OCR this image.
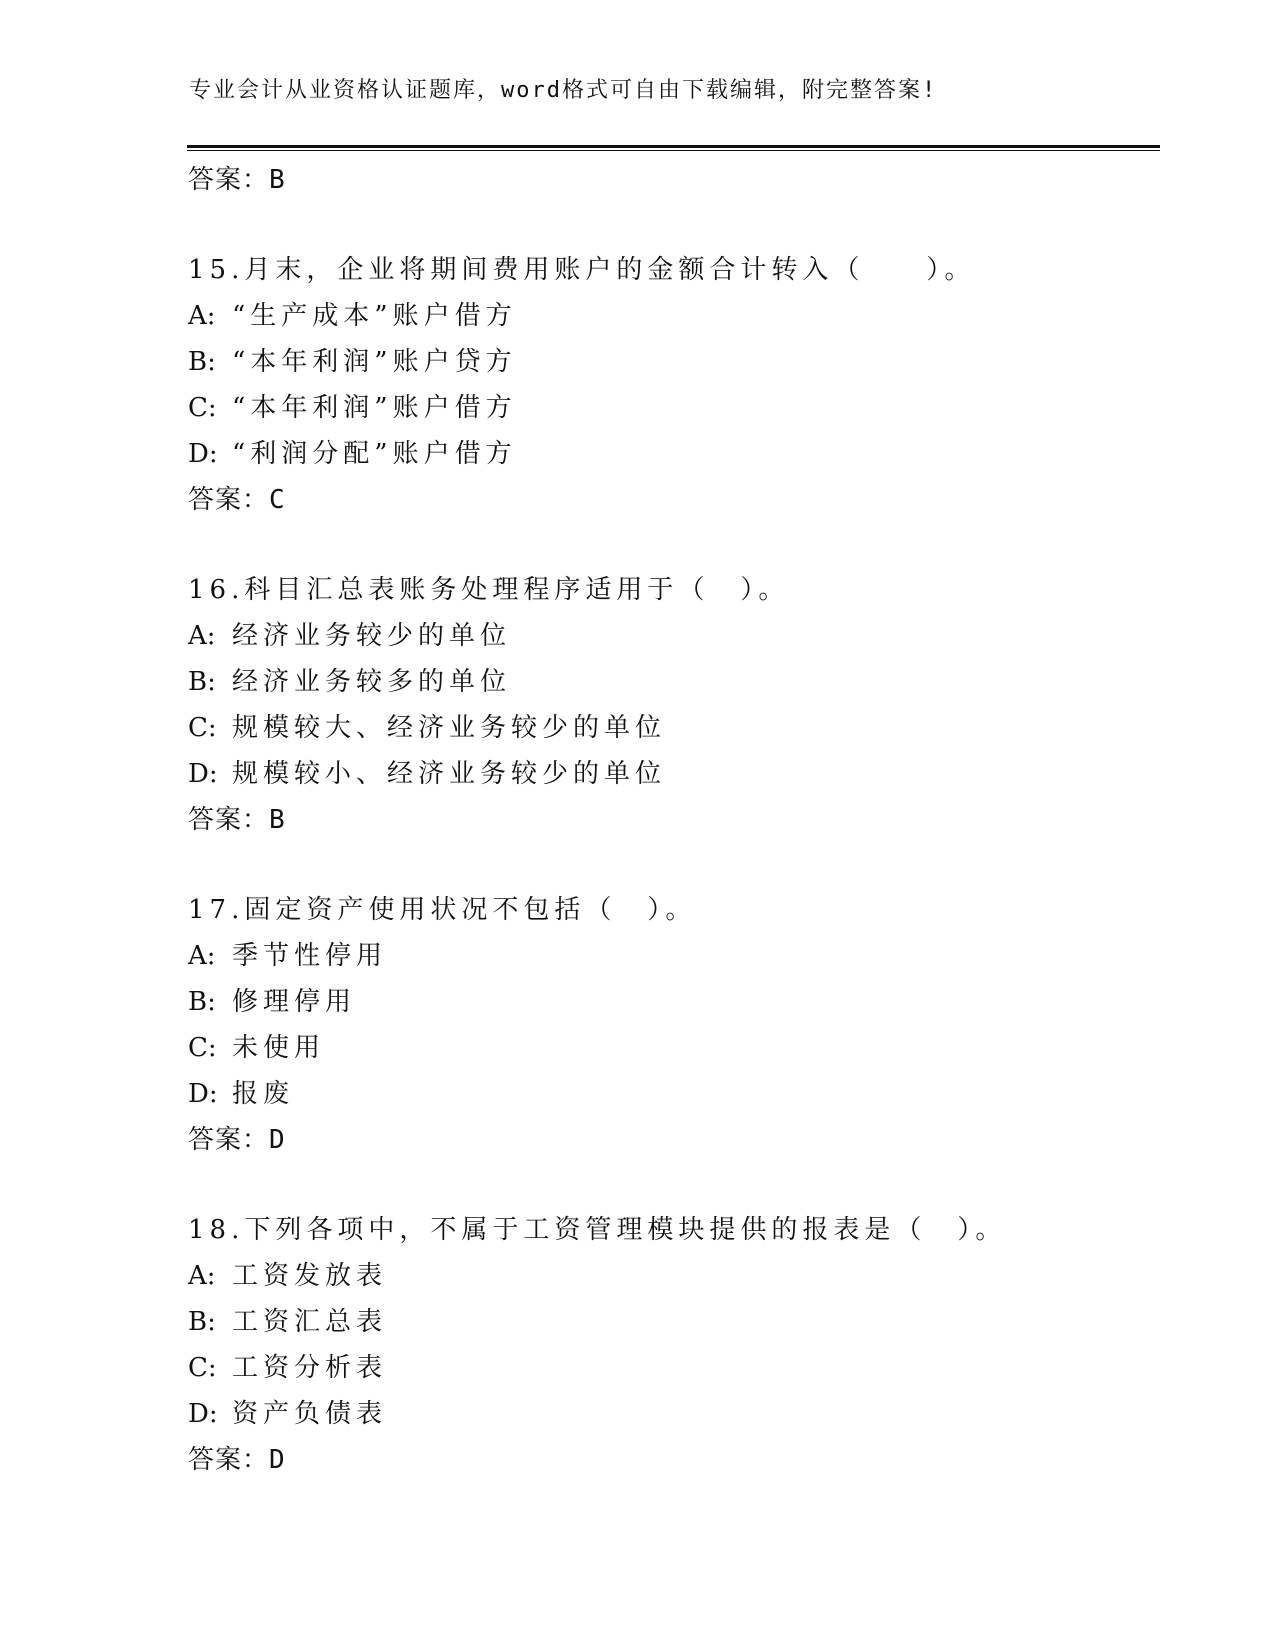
专业会计从业资格认证题库，word格式可自由下载编辑，附完整答案!
答案：B
15.月末，企业将期间费用账户的金额合计转入（　　）。
A: “生产成本”账户借方
B: “本年利润”账户贷方
C: “本年利润”账户借方
D: “利润分配”账户借方
答案：C
16.科目汇总表账务处理程序适用于（　）。
A: 经济业务较少的单位
B: 经济业务较多的单位
C: 规模较大、经济业务较少的单位
D: 规模较小、经济业务较少的单位
答案：B
17.固定资产使用状况不包括（　）。
A: 季节性停用
B: 修理停用
C: 未使用
D: 报废
答案：D
18.下列各项中，不属于工资管理模块提供的报表是（　）。
A: 工资发放表
B: 工资汇总表
C: 工资分析表
D: 资产负债表
答案：D
